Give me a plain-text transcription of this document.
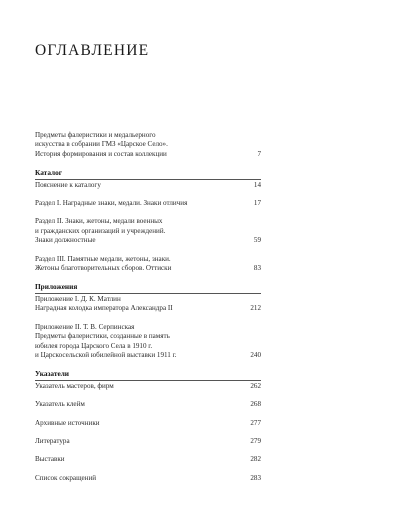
ОГЛАВЛЕНИЕ
Предметы фалеристики и медальерного
искусства в собрании ГМЗ «Царское Село».
История формирования и состав коллекции	7
Каталог
Пояснение к каталогу	14
Раздел I. Наградные знаки, медали. Знаки отличия	17
Раздел II. Знаки, жетоны, медали военных
и гражданских организаций и учреждений.
Знаки должностные	59
Раздел III. Памятные медали, жетоны, знаки.
Жетоны благотворительных сборов. Оттиски	83
Приложения
Приложение I. Д. К. Матлин
Наградная колодка императора Александра II	212
Приложение II. Т. В. Серпинская
Предметы фалеристики, созданные в память
юбилея города Царского Села в 1910 г.
и Царскосельской юбилейной выставки 1911 г.	240
Указатели
Указатель мастеров, фирм	262
Указатель клейм	268
Архивные источники	277
Литература	279
Выставки	282
Список сокращений	283
